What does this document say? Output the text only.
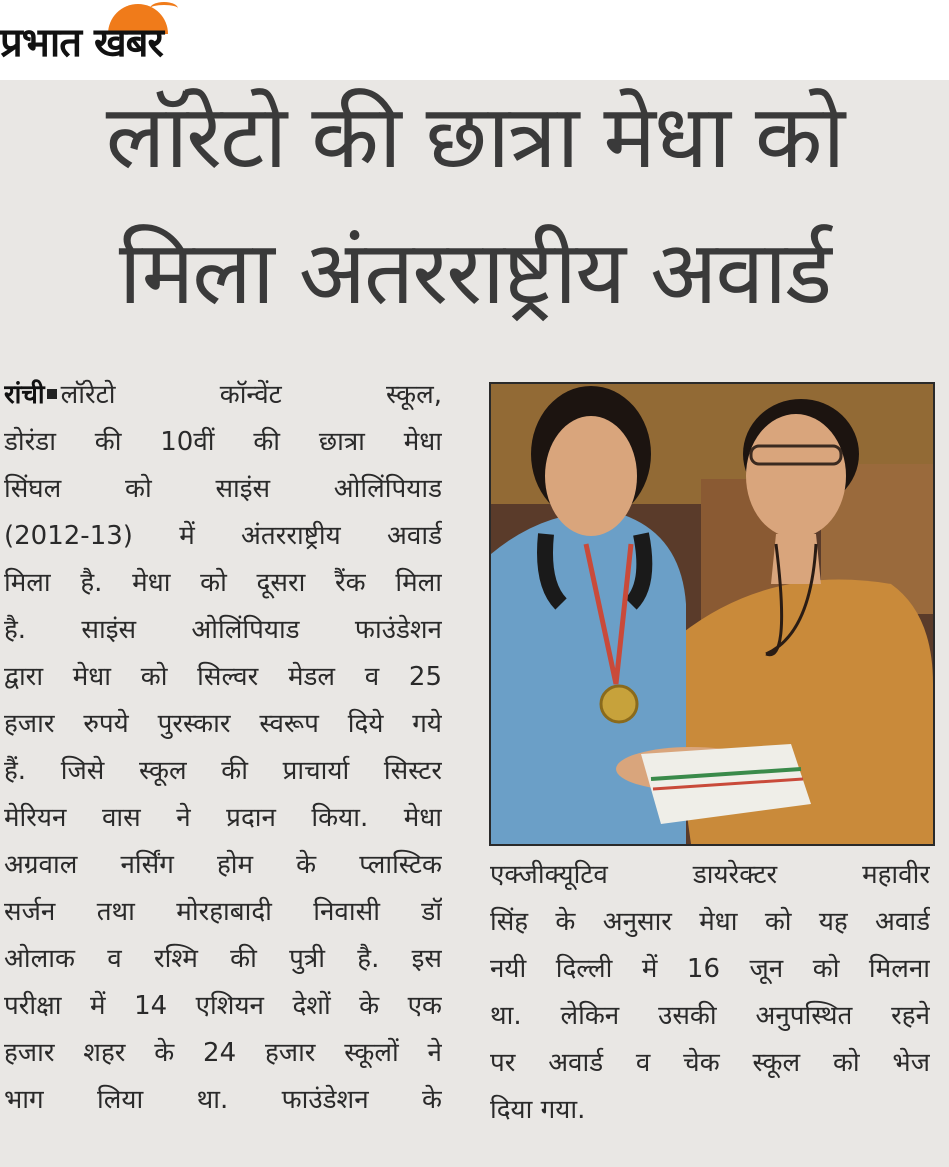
प्रभात खबर
लॉरेटो की छात्रा मेधा को
मिला अंतरराष्ट्रीय अवार्ड
रांची लॉरेटो कॉन्वेंट स्कूल,
डोरंडा की 10वीं की छात्रा मेधा
सिंघल को साइंस ओलिंपियाड
(2012-13) में अंतरराष्ट्रीय अवार्ड
मिला है. मेधा को दूसरा रैंक मिला
है. साइंस ओलिंपियाड फाउंडेशन
द्वारा मेधा को सिल्वर मेडल व 25
हजार रुपये पुरस्कार स्वरूप दिये गये
हैं. जिसे स्कूल की प्राचार्या सिस्टर
मेरियन वास ने प्रदान किया. मेधा
अग्रवाल नर्सिंग होम के प्लास्टिक
सर्जन तथा मोरहाबादी निवासी डॉ
ओलाक व रश्मि की पुत्री है. इस
परीक्षा में 14 एशियन देशों के एक
हजार शहर के 24 हजार स्कूलों ने
भाग लिया था. फाउंडेशन के
एक्जीक्यूटिव डायरेक्टर महावीर
सिंह के अनुसार मेधा को यह अवार्ड
नयी दिल्ली में 16 जून को मिलना
था. लेकिन उसकी अनुपस्थित रहने
पर अवार्ड व चेक स्कूल को भेज
दिया गया.
